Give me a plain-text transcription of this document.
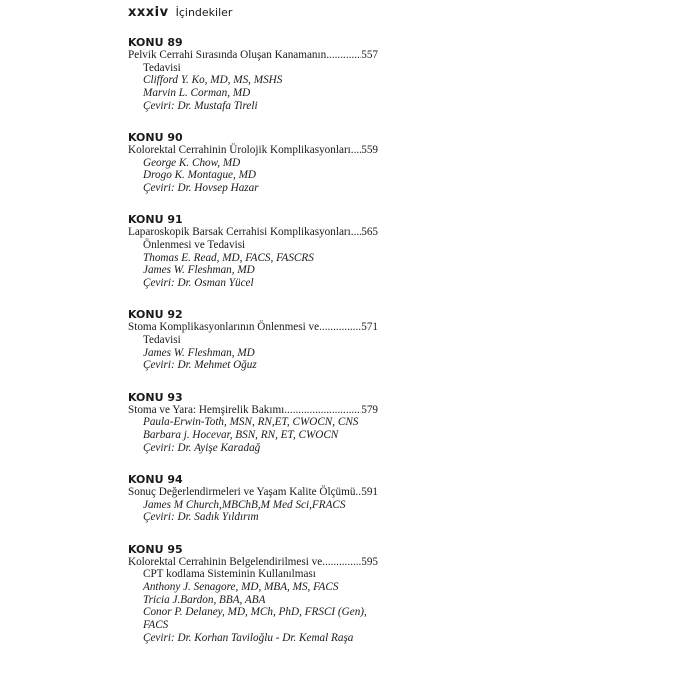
xxxiv İçindekiler
KONU 89
Pelvik Cerrahi Sırasında Oluşan Kanamanın .....	557
Tedavisi
Clifford Y. Ko, MD, MS, MSHS
Marvin L. Corman, MD
Çeviri: Dr. Mustafa Tireli
KONU 90
Kolorektal Cerrahinin Ürolojik Komplikasyonları ..... 559
George K. Chow, MD
Drogo K. Montague, MD
Çeviri: Dr. Hovsep Hazar
KONU 91
Laparoskopik Barsak Cerrahisi Komplikasyonları ..... 565
Önlenmesi ve Tedavisi
Thomas E. Read, MD, FACS, FASCRS
James W. Fleshman, MD
Çeviri: Dr. Osman Yücel
KONU 92
Stoma Komplikasyonlarının Önlenmesi ve .....	571
Tedavisi
James W. Fleshman, MD
Çeviri: Dr. Mehmet Oğuz
KONU 93
Stoma ve Yara: Hemşirelik Bakımı .....	579
Paula-Erwin-Toth, MSN, RN,ET, CWOCN, CNS
Barbara j. Hocevar, BSN, RN, ET, CWOCN
Çeviri: Dr. Ayişe Karadağ
KONU 94
Sonuç Değerlendirmeleri ve Yaşam Kalite Ölçümü ..... 591
James M Church,MBChB,M Med Sci,FRACS
Çeviri: Dr. Sadık Yıldırım
KONU 95
Kolorektal Cerrahinin Belgelendirilmesi ve .....	595
CPT kodlama Sisteminin Kullanılması
Anthony J. Senagore, MD, MBA, MS, FACS
Tricia J.Bardon, BBA, ABA
Conor P. Delaney, MD, MCh, PhD, FRSCI (Gen),
FACS
Çeviri: Dr. Korhan Taviloğlu - Dr. Kemal Raşa
